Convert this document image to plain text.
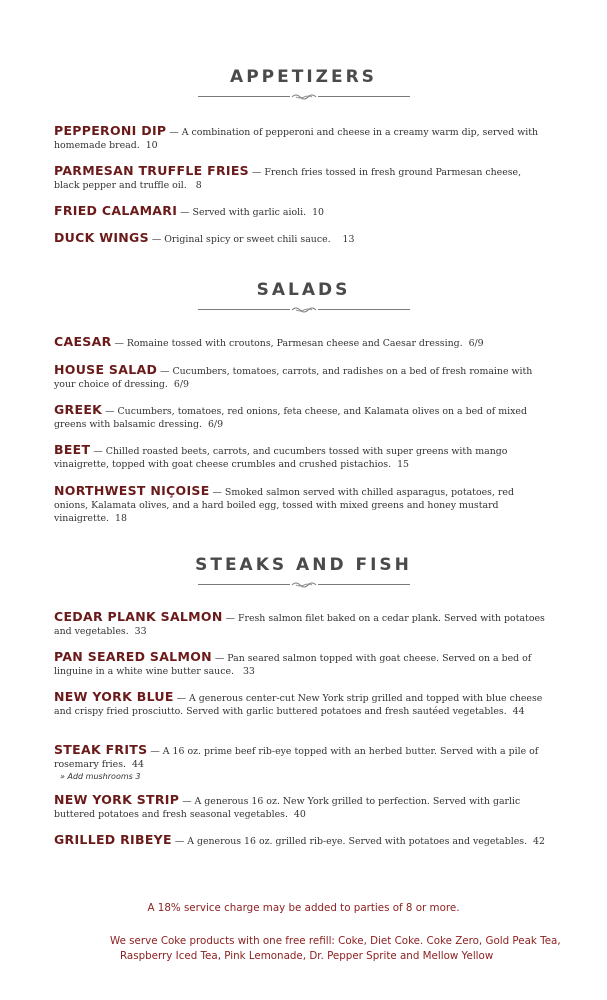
APPETIZERS
PEPPERONI DIP — A combination of pepperoni and cheese in a creamy warm dip, served with homemade bread. 10
PARMESAN TRUFFLE FRIES — French fries tossed in fresh ground Parmesan cheese, black pepper and truffle oil. 8
FRIED CALAMARI — Served with garlic aioli. 10
DUCK WINGS — Original spicy or sweet chili sauce. 13
SALADS
CAESAR — Romaine tossed with croutons, Parmesan cheese and Caesar dressing. 6/9
HOUSE SALAD — Cucumbers, tomatoes, carrots, and radishes on a bed of fresh romaine with your choice of dressing. 6/9
GREEK — Cucumbers, tomatoes, red onions, feta cheese, and Kalamata olives on a bed of mixed greens with balsamic dressing. 6/9
BEET — Chilled roasted beets, carrots, and cucumbers tossed with super greens with mango vinaigrette, topped with goat cheese crumbles and crushed pistachios. 15
NORTHWEST NIÇOISE — Smoked salmon served with chilled asparagus, potatoes, red onions, Kalamata olives, and a hard boiled egg, tossed with mixed greens and honey mustard vinaigrette. 18
STEAKS AND FISH
CEDAR PLANK SALMON — Fresh salmon filet baked on a cedar plank. Served with potatoes and vegetables. 33
PAN SEARED SALMON — Pan seared salmon topped with goat cheese. Served on a bed of linguine in a white wine butter sauce. 33
NEW YORK BLUE — A generous center-cut New York strip grilled and topped with blue cheese and crispy fried prosciutto. Served with garlic buttered potatoes and fresh sautéed vegetables. 44
STEAK FRITS — A 16 oz. prime beef rib-eye topped with an herbed butter. Served with a pile of rosemary fries. 44
» Add mushrooms 3
NEW YORK STRIP — A generous 16 oz. New York grilled to perfection. Served with garlic buttered potatoes and fresh seasonal vegetables. 40
GRILLED RIBEYE — A generous 16 oz. grilled rib-eye. Served with potatoes and vegetables. 42
A 18% service charge may be added to parties of 8 or more.
We serve Coke products with one free refill: Coke, Diet Coke. Coke Zero, Gold Peak Tea,
Raspberry Iced Tea, Pink Lemonade, Dr. Pepper Sprite and Mellow Yellow
